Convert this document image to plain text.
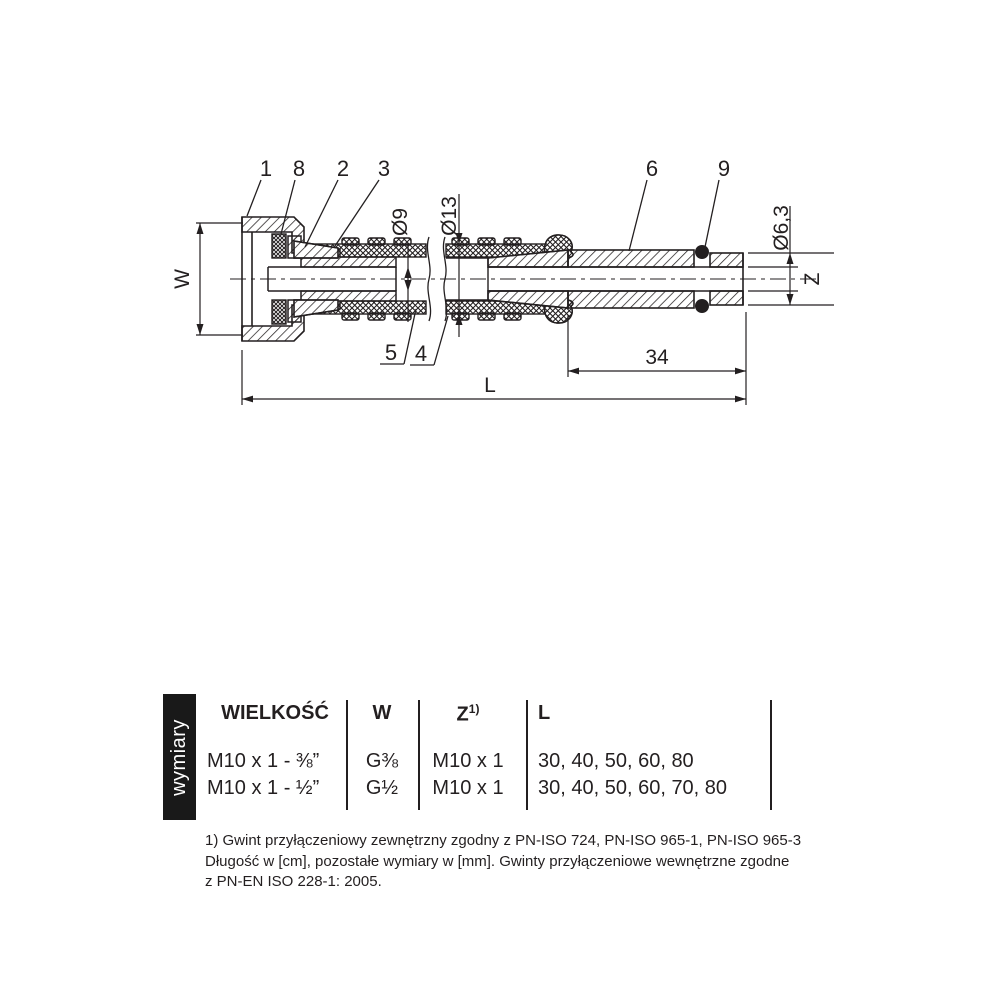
W
Ø9 Ø13	Ø6,3
Z
34
L
1 8 2 3	6	9
5 4
wymiary
WIELKOŚĆ	W	$Z^{1)}$	L
M10 x 1 - ⅜”	G⅜	M10 x 1	30, 40, 50, 60, 80
M10 x 1 - ½”	G½	M10 x 1	30, 40, 50, 60, 70, 80
1) Gwint przyłączeniowy zewnętrzny zgodny z PN-ISO 724, PN-ISO 965-1, PN-ISO 965-3
Długość w [cm], pozostałe wymiary w [mm]. Gwinty przyłączeniowe wewnętrzne zgodne
z PN-EN ISO 228-1: 2005.
